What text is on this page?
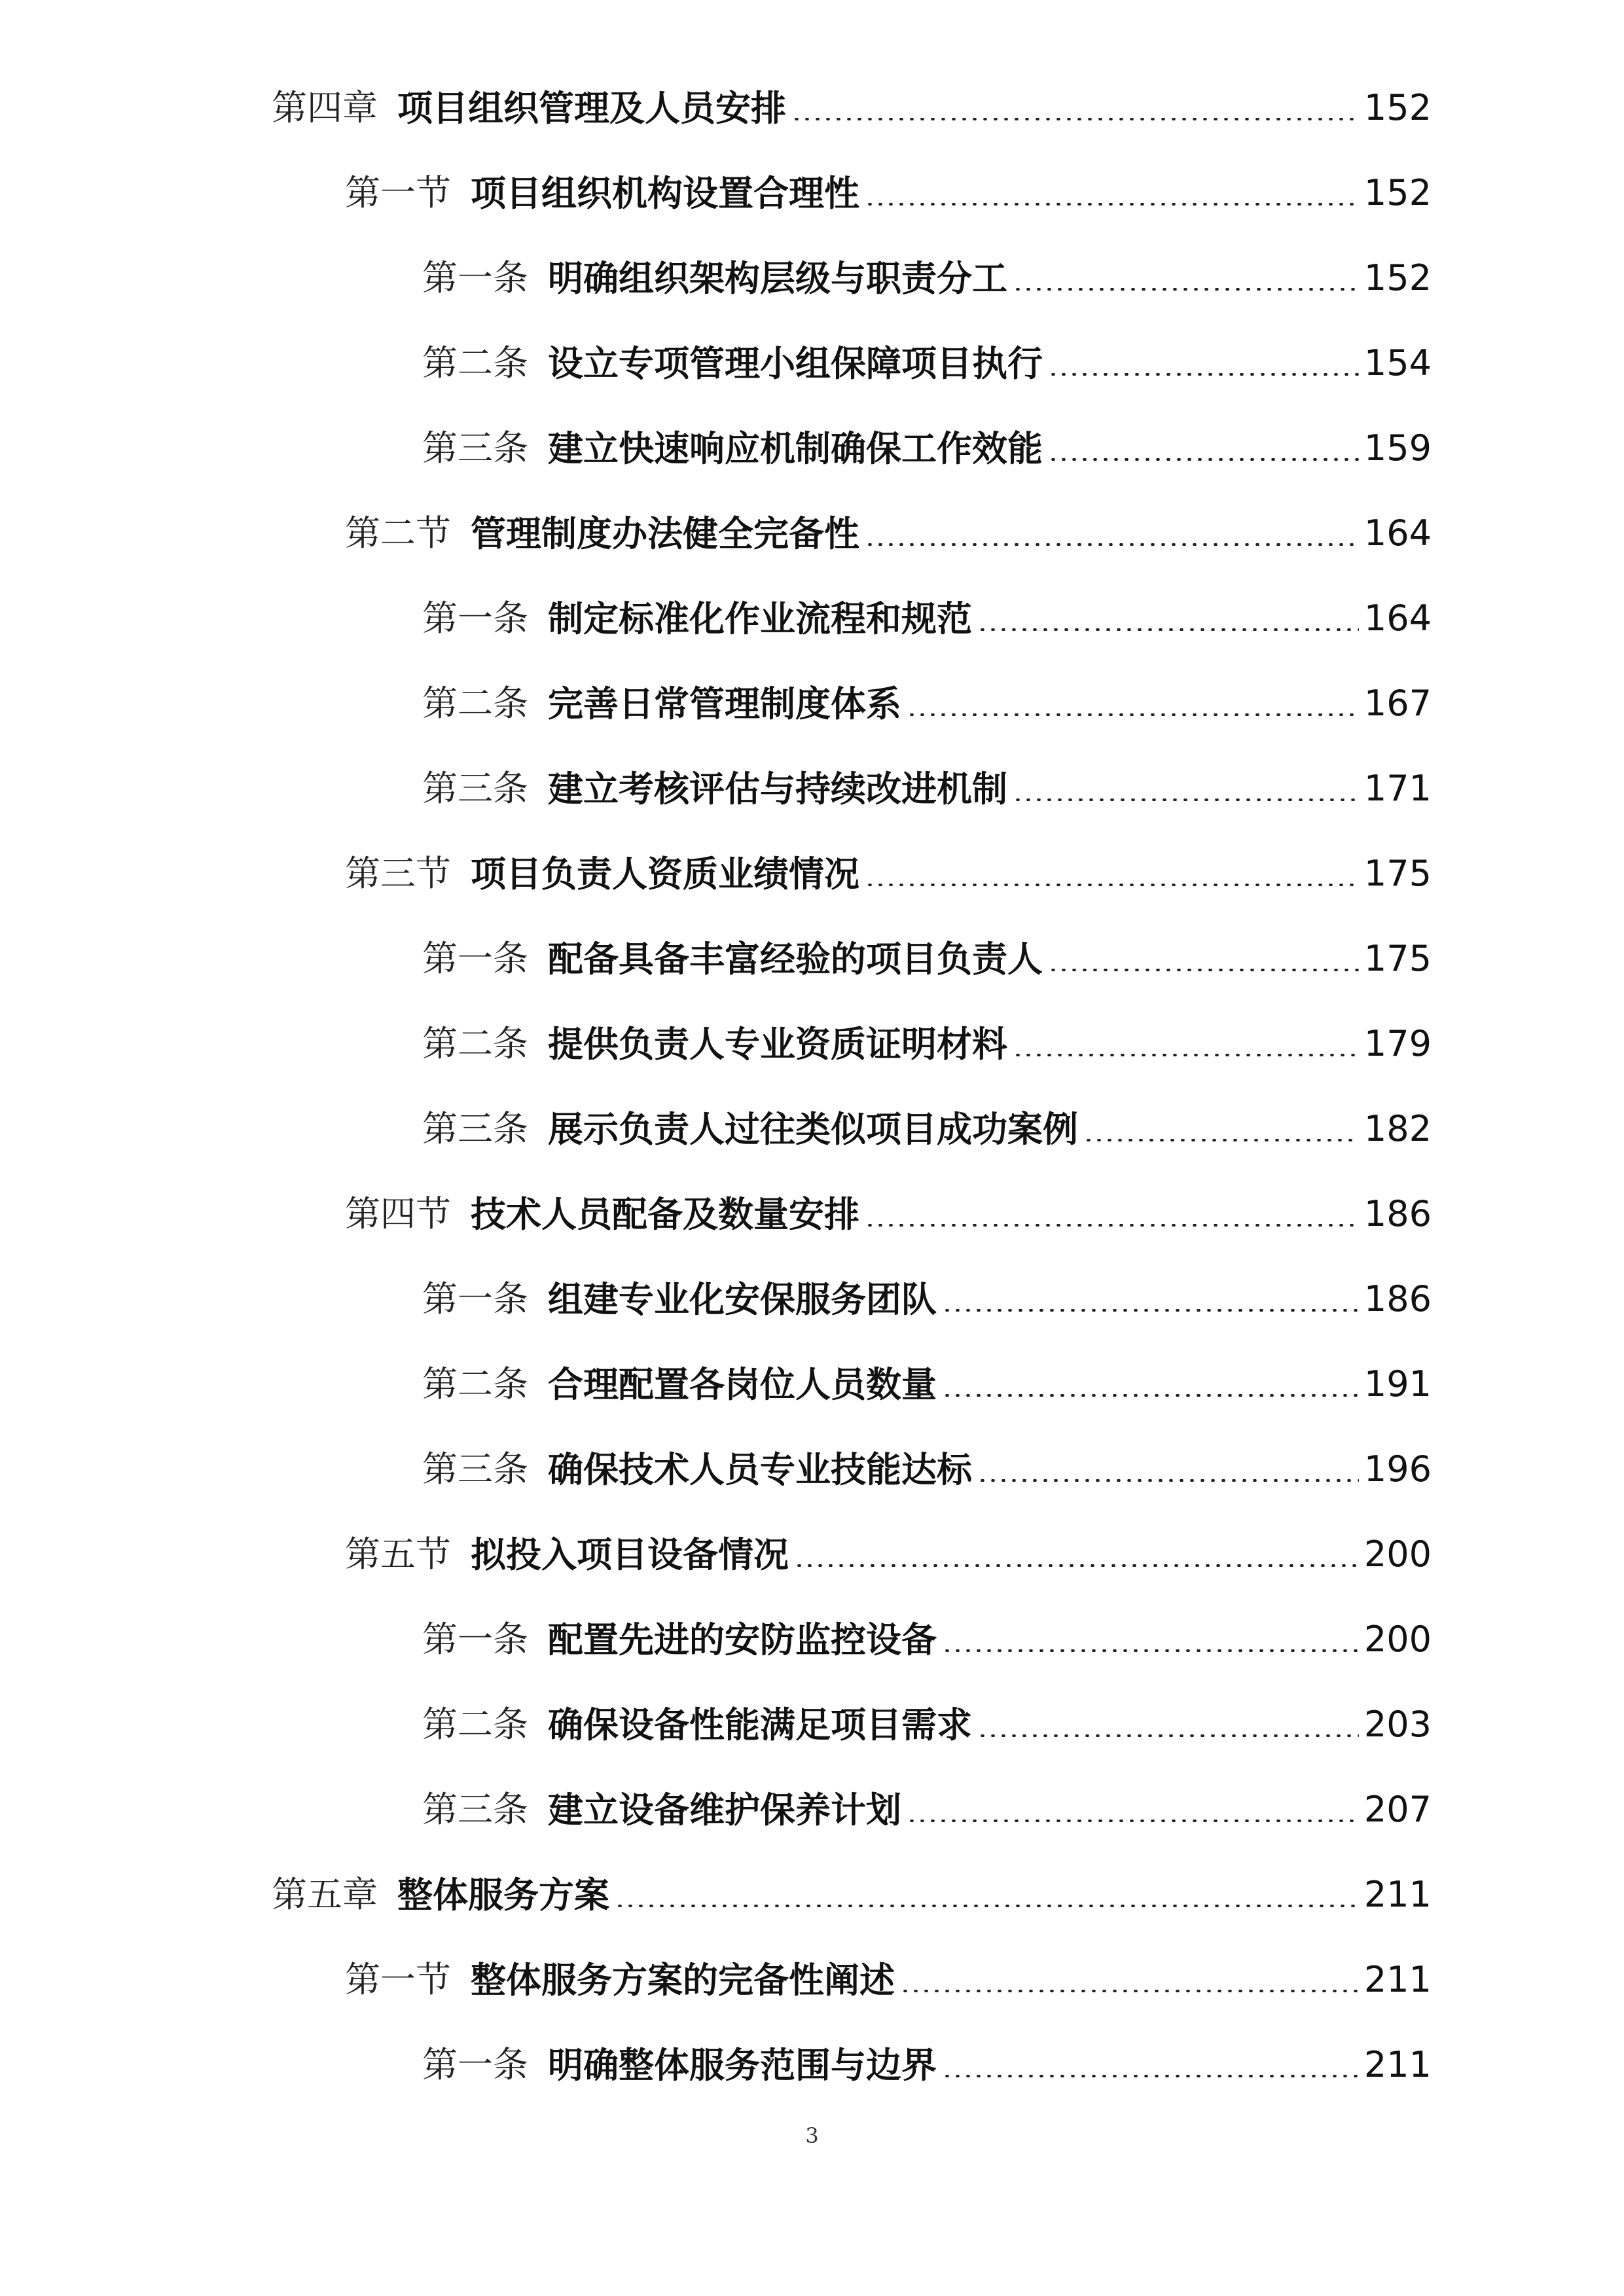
第四章 项目组织管理及人员安排	152
第一节 项目组织机构设置合理性	152
第一条 明确组织架构层级与职责分工	152
第二条 设立专项管理小组保障项目执行	154
第三条 建立快速响应机制确保工作效能	159
第二节 管理制度办法健全完备性	164
第一条 制定标准化作业流程和规范	164
第二条 完善日常管理制度体系	167
第三条 建立考核评估与持续改进机制	171
第三节 项目负责人资质业绩情况	175
第一条 配备具备丰富经验的项目负责人	175
第二条 提供负责人专业资质证明材料	179
第三条 展示负责人过往类似项目成功案例	182
第四节 技术人员配备及数量安排	186
第一条 组建专业化安保服务团队	186
第二条 合理配置各岗位人员数量	191
第三条 确保技术人员专业技能达标	196
第五节 拟投入项目设备情况	200
第一条 配置先进的安防监控设备	200
第二条 确保设备性能满足项目需求	203
第三条 建立设备维护保养计划	207
第五章 整体服务方案	211
第一节 整体服务方案的完备性阐述	211
第一条 明确整体服务范围与边界	211
3
